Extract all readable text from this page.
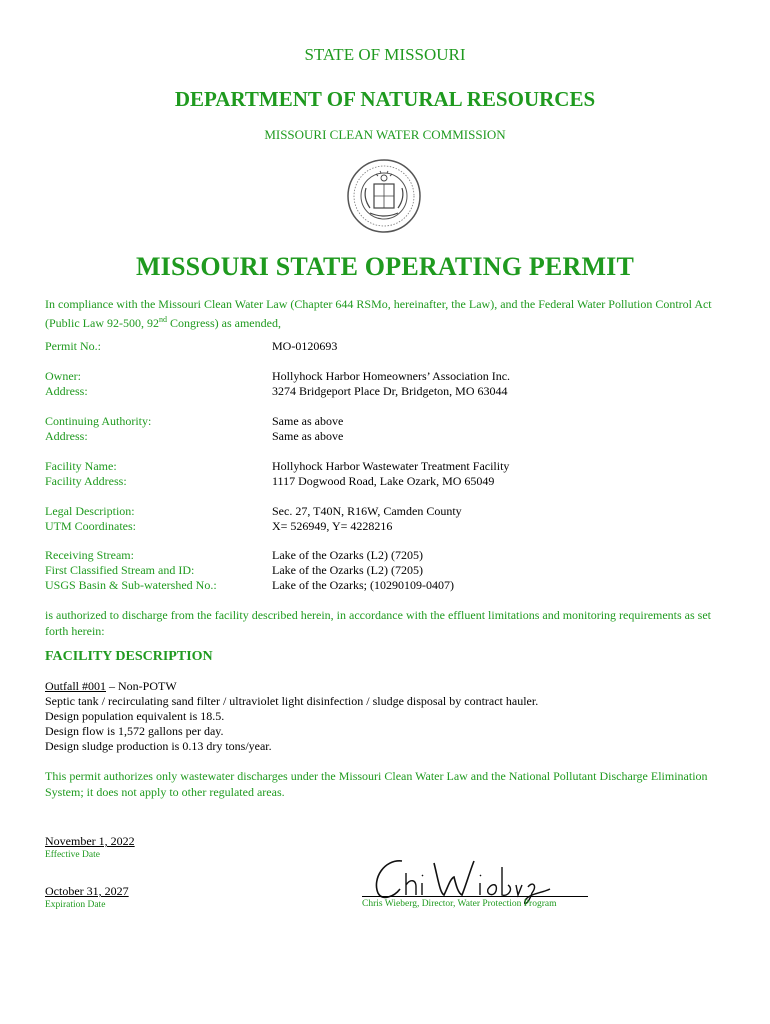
STATE OF MISSOURI
DEPARTMENT OF NATURAL RESOURCES
MISSOURI CLEAN WATER COMMISSION
MISSOURI STATE OPERATING PERMIT
In compliance with the Missouri Clean Water Law (Chapter 644 RSMo, hereinafter, the Law), and the Federal Water Pollution Control Act (Public Law 92-500, 92nd Congress) as amended,
Permit No.:	MO-0120693
Owner:	Hollyhock Harbor Homeowners’ Association Inc.
Address:	3274 Bridgeport Place Dr, Bridgeton, MO 63044
Continuing Authority:	Same as above
Address:	Same as above
Facility Name:	Hollyhock Harbor Wastewater Treatment Facility
Facility Address:	1117 Dogwood Road, Lake Ozark, MO 65049
Legal Description:	Sec. 27, T40N, R16W, Camden County
UTM Coordinates:	X= 526949, Y= 4228216
Receiving Stream:	Lake of the Ozarks (L2) (7205)
First Classified Stream and ID:	Lake of the Ozarks (L2) (7205)
USGS Basin & Sub-watershed No.:	Lake of the Ozarks; (10290109-0407)
is authorized to discharge from the facility described herein, in accordance with the effluent limitations and monitoring requirements as set forth herein:
FACILITY DESCRIPTION
Outfall #001 – Non-POTW
Septic tank / recirculating sand filter / ultraviolet light disinfection / sludge disposal by contract hauler.
Design population equivalent is 18.5.
Design flow is 1,572 gallons per day.
Design sludge production is 0.13 dry tons/year.
This permit authorizes only wastewater discharges under the Missouri Clean Water Law and the National Pollutant Discharge Elimination System; it does not apply to other regulated areas.
November 1, 2022
Effective Date
October 31, 2027
Expiration Date	Chris Wieberg, Director, Water Protection Program
